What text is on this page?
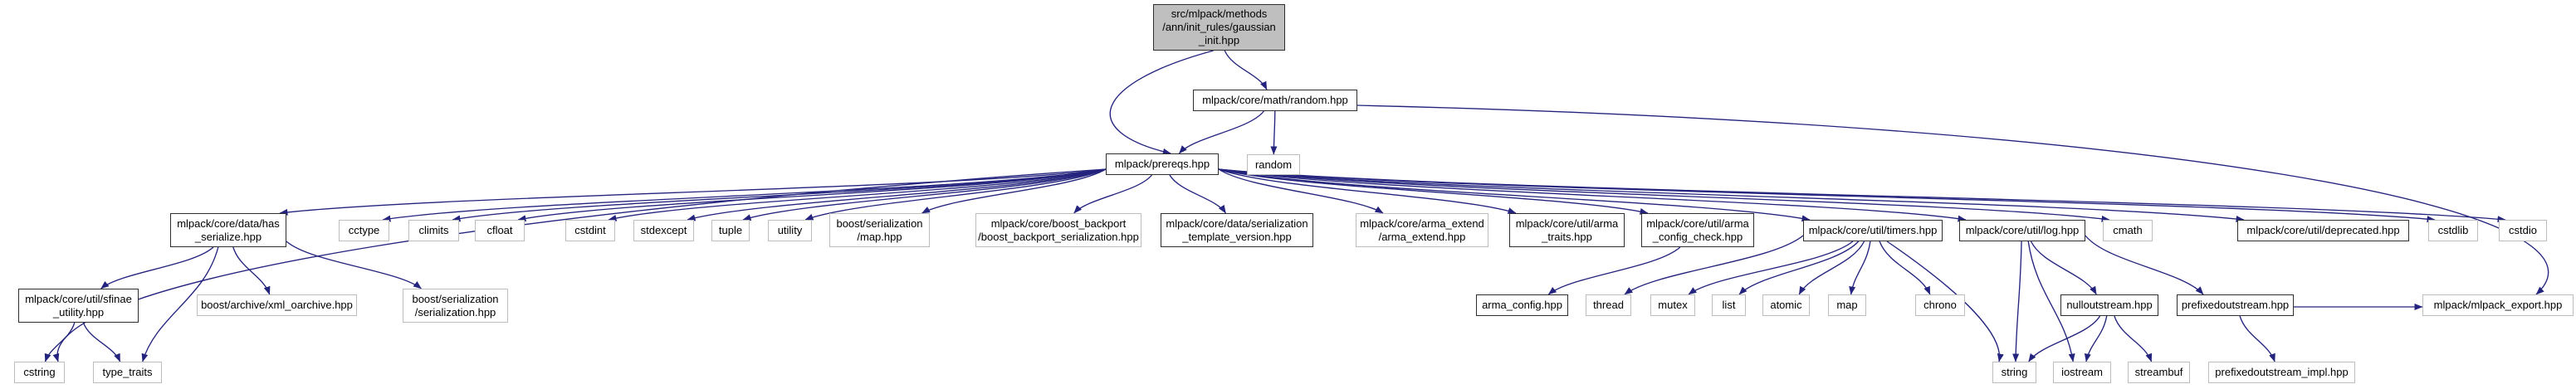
src/mlpack/methods
/ann/init_rules/gaussian
_init.hpp
mlpack/core/math/random.hpp
mlpack/prereqs.hpp	random
mlpack/core/data/has
_serialize.hpp	cctype	climits	cfloat	cstdint	stdexcept	tuple	utility
boost/serialization
/map.hpp
mlpack/core/boost_backport
/boost_backport_serialization.hpp
mlpack/core/data/serialization
_template_version.hpp
mlpack/core/arma_extend
/arma_extend.hpp
mlpack/core/util/arma
_traits.hpp
mlpack/core/util/arma
_config_check.hpp	mlpack/core/util/timers.hpp	mlpack/core/util/log.hpp	cmath	mlpack/core/util/deprecated.hpp	cstdlib	cstdio
mlpack/core/util/sfinae
_utility.hpp
boost/archive/xml_oarchive.hpp	boost/serialization
/serialization.hpp
arma_config.hpp	thread	mutex	list	atomic	map	chrono	nulloutstream.hpp	prefixedoutstream.hpp	mlpack/mlpack_export.hpp
cstring	type_traits	string	iostream	streambuf	prefixedoutstream_impl.hpp
